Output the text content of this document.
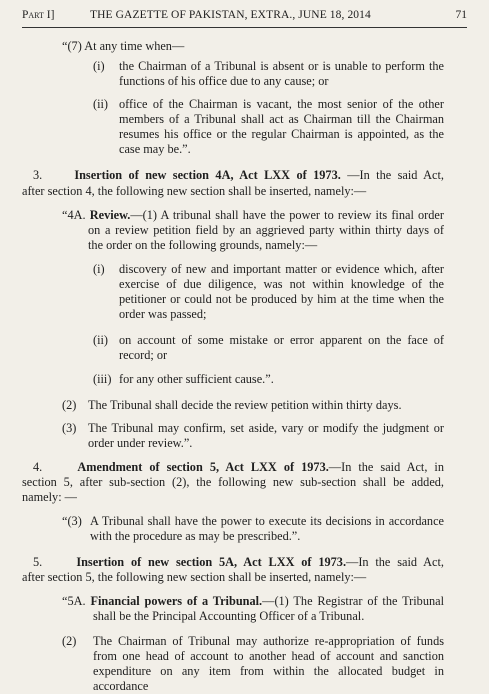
Part I]	THE GAZETTE OF PAKISTAN, EXTRA., JUNE 18, 2014	71
“(7) At any time when—
(i) the Chairman of a Tribunal is absent or is unable to perform the
functions of his office due to any cause; or
(ii) office of the Chairman is vacant, the most senior of the other
members of a Tribunal shall act as Chairman till the Chairman
resumes his office or the regular Chairman is appointed, as the
case may be.”.
3.	Insertion of new section 4A, Act LXX of 1973. —In the said Act,
after section 4, the following new section shall be inserted, namely:—
“4A. Review.—(1) A tribunal shall have the power to review its final order
on a review petition field by an aggrieved party within thirty days of
the order on the following grounds, namely:—
(i) discovery of new and important matter or evidence which, after
exercise of due diligence, was not within knowledge of the
petitioner or could not be produced by him at the time when the
order was passed;
(ii) on account of some mistake or error apparent on the face of
record; or
(iii) for any other sufficient cause.”.
(2) The Tribunal shall decide the review petition within thirty days.
(3) The Tribunal may confirm, set aside, vary or modify the judgment or
order under review.”.
4.	Amendment of section 5, Act LXX of 1973.—In the said Act, in
section 5, after sub-section (2), the following new sub-section shall be added,
namely: —
“(3) A Tribunal shall have the power to execute its decisions in accordance
with the procedure as may be prescribed.”.
5.	Insertion of new section 5A, Act LXX of 1973.—In the said Act,
after section 5, the following new section shall be inserted, namely:—
“5A. Financial powers of a Tribunal.—(1) The Registrar of the Tribunal
shall be the Principal Accounting Officer of a Tribunal.
(2) The Chairman of Tribunal may authorize re-appropriation of funds
from one head of account to another head of account and sanction
expenditure on any item from within the allocated budget in accordance
